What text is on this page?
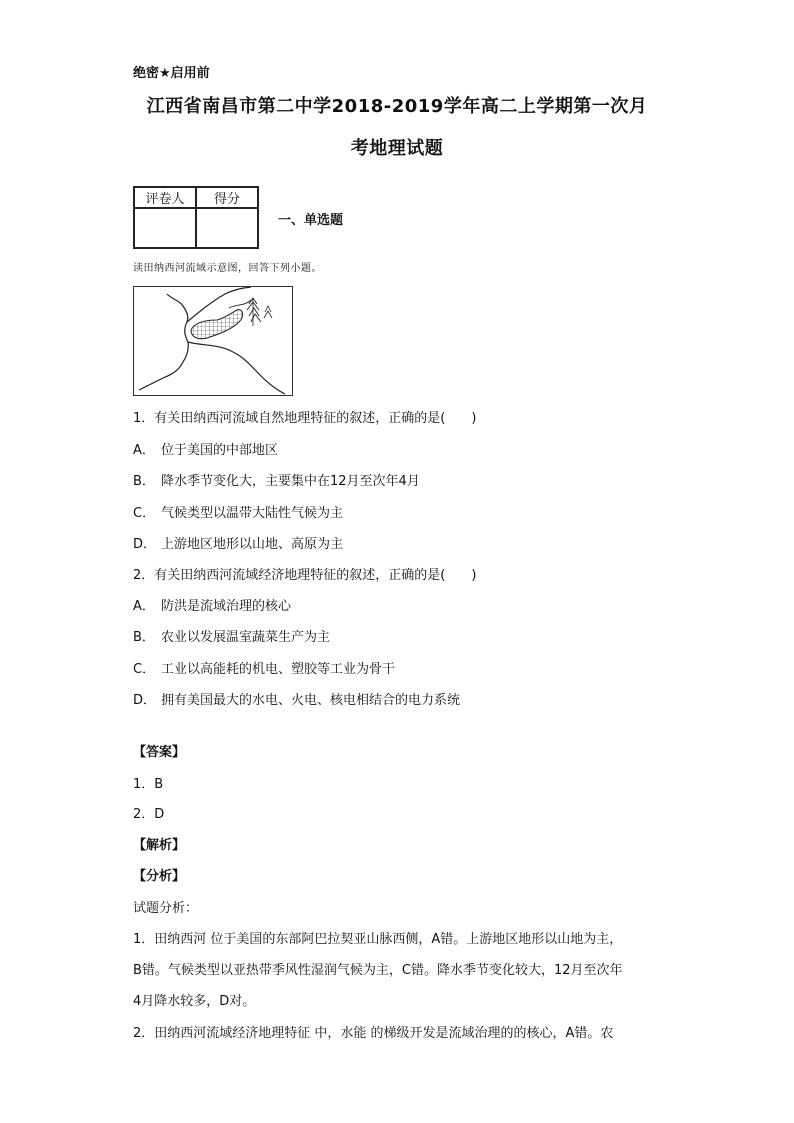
绝密★启用前
江西省南昌市第二中学2018-2019学年高二上学期第一次月
考地理试题
评卷人	得分

一、单选题
读田纳西河流域示意图，回答下列小题。
1．有关田纳西河流域自然地理特征的叙述，正确的是(　　)
A． 位于美国的中部地区
B． 降水季节变化大，主要集中在12月至次年4月
C． 气候类型以温带大陆性气候为主
D． 上游地区地形以山地、高原为主
2．有关田纳西河流域经济地理特征的叙述，正确的是(　　)
A． 防洪是流域治理的核心
B． 农业以发展温室蔬菜生产为主
C． 工业以高能耗的机电、塑胶等工业为骨干
D． 拥有美国最大的水电、火电、核电相结合的电力系统
【答案】
1．B
2．D
【解析】
【分析】
试题分析：
1．田纳西河 位于美国的东部阿巴拉契亚山脉西侧，A错。上游地区地形以山地为主，
B错。气候类型以亚热带季风性湿润气候为主，C错。降水季节变化较大，12月至次年
4月降水较多，D对。
2．田纳西河流域经济地理特征 中，水能 的梯级开发是流域治理的的核心，A错。农
